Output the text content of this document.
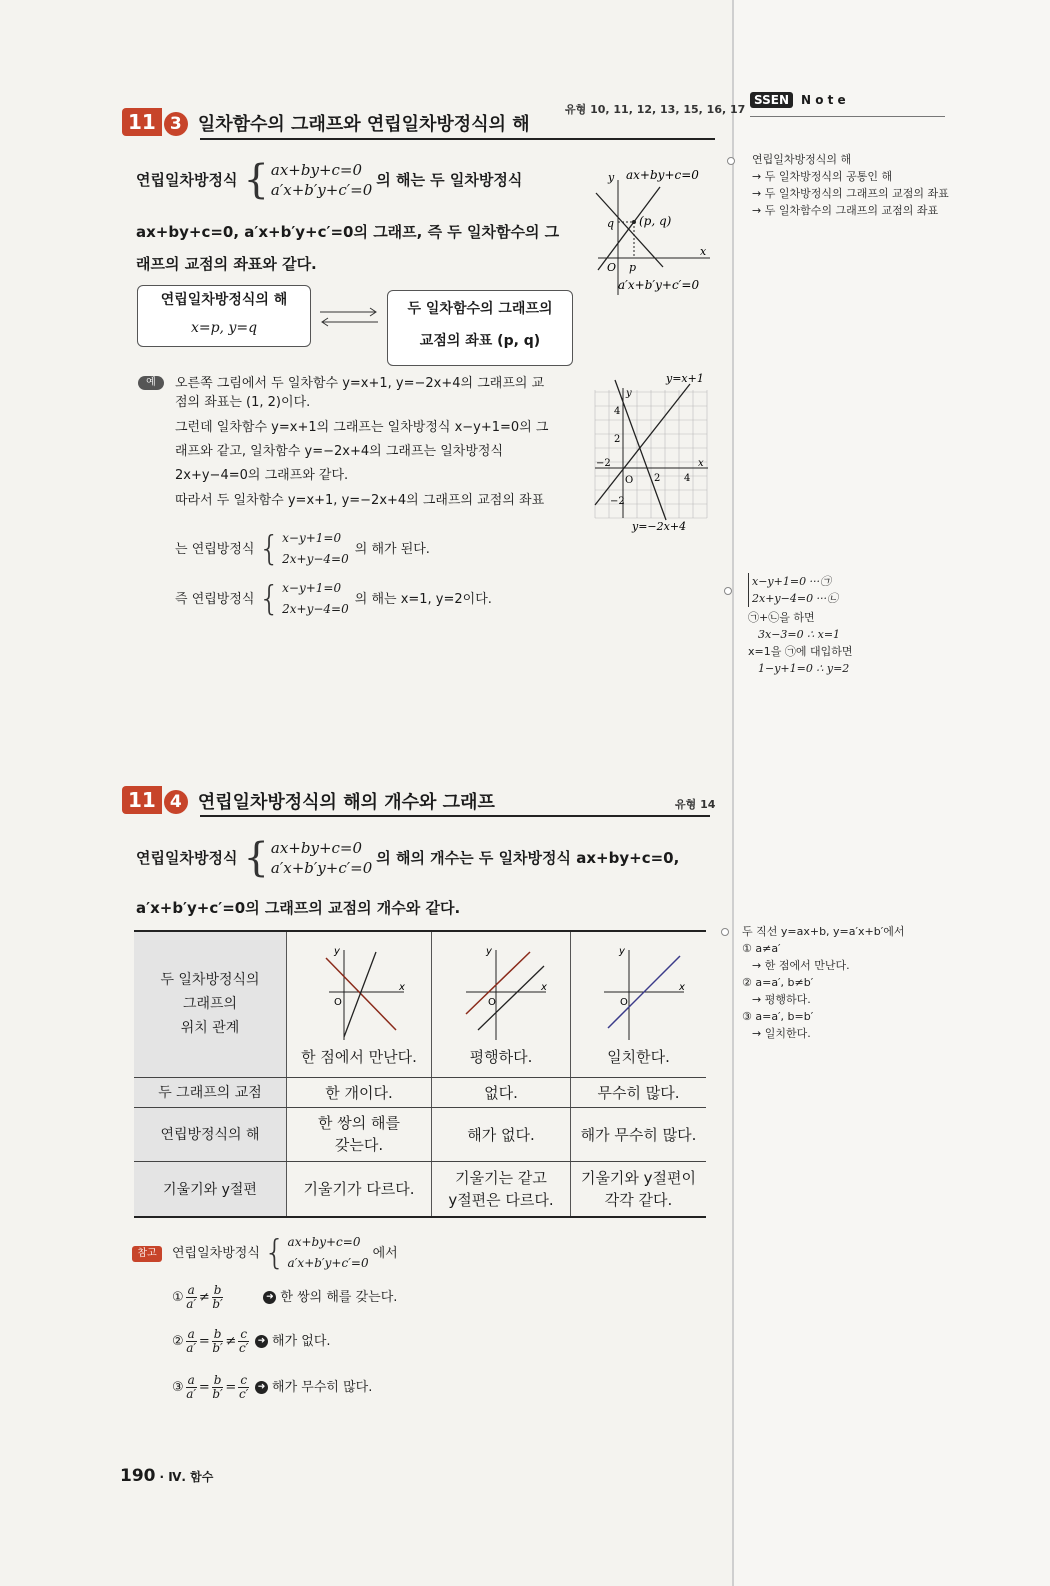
11 3 일차함수의 그래프와 연립일차방정식의 해
유형 10, 11, 12, 13, 15, 16, 17
연립일차방정식 { ax+by+c=0
a′x+b′y+c′=0
의 해는 두 일차방정식
ax+by+c=0, a′x+b′y+c′=0의 그래프, 즉 두 일차함수의 그
래프의 교점의 좌표와 같다.
연립일차방정식의 해
x=p, y=q
두 일차함수의 그래프의
교점의 좌표 (p, q)
y ax+by+c=0
(p, q)
q
p
O
x
a′x+b′y+c′=0
예	오른쪽 그림에서 두 일차함수 y=x+1, y=−2x+4의 그래프의 교
점의 좌표는 (1, 2)이다.
그런데 일차함수 y=x+1의 그래프는 일차방정식 x−y+1=0의 그
래프와 같고, 일차함수 y=−2x+4의 그래프는 일차방정식
2x+y−4=0의 그래프와 같다.
따라서 두 일차함수 y=x+1, y=−2x+4의 그래프의 교점의 좌표
는 연립방정식 { x−y+1=0
2x+y−4=0
의 해가 된다.
즉 연립방정식 { x−y+1=0
2x+y−4=0
의 해는 x=1, y=2이다.
y=x+1
y=−2x+4
y
4
2
−2
O 2 4
−2	x
SSEN	N o t e
연립일차방정식의 해
→ 두 일차방정식의 공통인 해
→ 두 일차방정식의 그래프의 교점의 좌표
→ 두 일차함수의 그래프의 교점의 좌표
x−y+1=0 ···㉠
2x+y−4=0 ···㉡
㉠+㉡을 하면
3x−3=0 ∴ x=1
x=1을 ㉠에 대입하면
1−y+1=0 ∴ y=2
두 직선 y=ax+b, y=a′x+b′에서
① a≠a′
→ 한 점에서 만난다.
② a=a′, b≠b′
→ 평행하다.
③ a=a′, b=b′
→ 일치한다.
11 4 연립일차방정식의 해의 개수와 그래프	유형 14
연립일차방정식 { ax+by+c=0
a′x+b′y+c′=0
의 해의 개수는 두 일차방정식 ax+by+c=0,
a′x+b′y+c′=0의 그래프의 교점의 개수와 같다.
두 일차방정식의
그래프의
위치 관계	y
O
x
한 점에서 만난다.	y
O
x
평행하다.	y
O
x
일치한다.

두 그래프의 교점	한 개이다.	없다.	무수히 많다.
연립방정식의 해	한 쌍의 해를
갖는다.	해가 없다.	해가 무수히 많다.
기울기와 y절편	기울기가 다르다.	기울기는 같고
y절편은 다르다.	기울기와 y절편이
각각 같다.
참고	연립일차방정식 { ax+by+c=0
a′x+b′y+c′=0
에서
① $\frac{a}{a'} \ne \frac{b}{b'}$	➜ 한 쌍의 해를 갖는다.
② $\frac{a}{a'} = \frac{b}{b'} \ne \frac{c}{c'}$ ➜ 해가 없다.
③ $\frac{a}{a'} = \frac{b}{b'} = \frac{c}{c'}$ ➜ 해가 무수히 많다.
190 · Ⅳ. 함수
